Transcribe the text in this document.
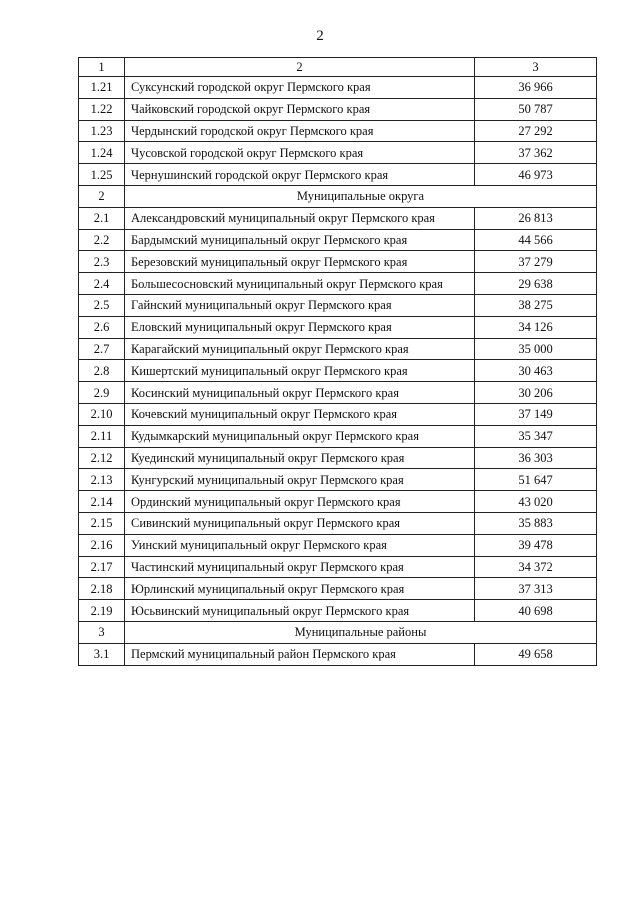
2
1	2	3
1.21	Суксунский городской округ Пермского края	36 966
1.22	Чайковский городской округ Пермского края	50 787
1.23	Чердынский городской округ Пермского края	27 292
1.24	Чусовской городской округ Пермского края	37 362
1.25	Чернушинский городской округ Пермского края	46 973
2	Муниципальные округа	
2.1	Александровский муниципальный округ Пермского края	26 813
2.2	Бардымский муниципальный округ Пермского края	44 566
2.3	Березовский муниципальный округ Пермского края	37 279
2.4	Большесосновский муниципальный округ Пермского края	29 638
2.5	Гайнский муниципальный округ Пермского края	38 275
2.6	Еловский муниципальный округ Пермского края	34 126
2.7	Карагайский муниципальный округ Пермского края	35 000
2.8	Кишертский муниципальный округ Пермского края	30 463
2.9	Косинский муниципальный округ Пермского края	30 206
2.10	Кочевский муниципальный округ Пермского края	37 149
2.11	Кудымкарский муниципальный округ Пермского края	35 347
2.12	Куединский муниципальный округ Пермского края	36 303
2.13	Кунгурский муниципальный округ Пермского края	51 647
2.14	Ординский муниципальный округ Пермского края	43 020
2.15	Сивинский муниципальный округ Пермского края	35 883
2.16	Уинский муниципальный округ Пермского края	39 478
2.17	Частинский муниципальный округ Пермского края	34 372
2.18	Юрлинский муниципальный округ Пермского края	37 313
2.19	Юсьвинский муниципальный округ Пермского края	40 698
3	Муниципальные районы	
3.1	Пермский муниципальный район Пермского края	49 658
